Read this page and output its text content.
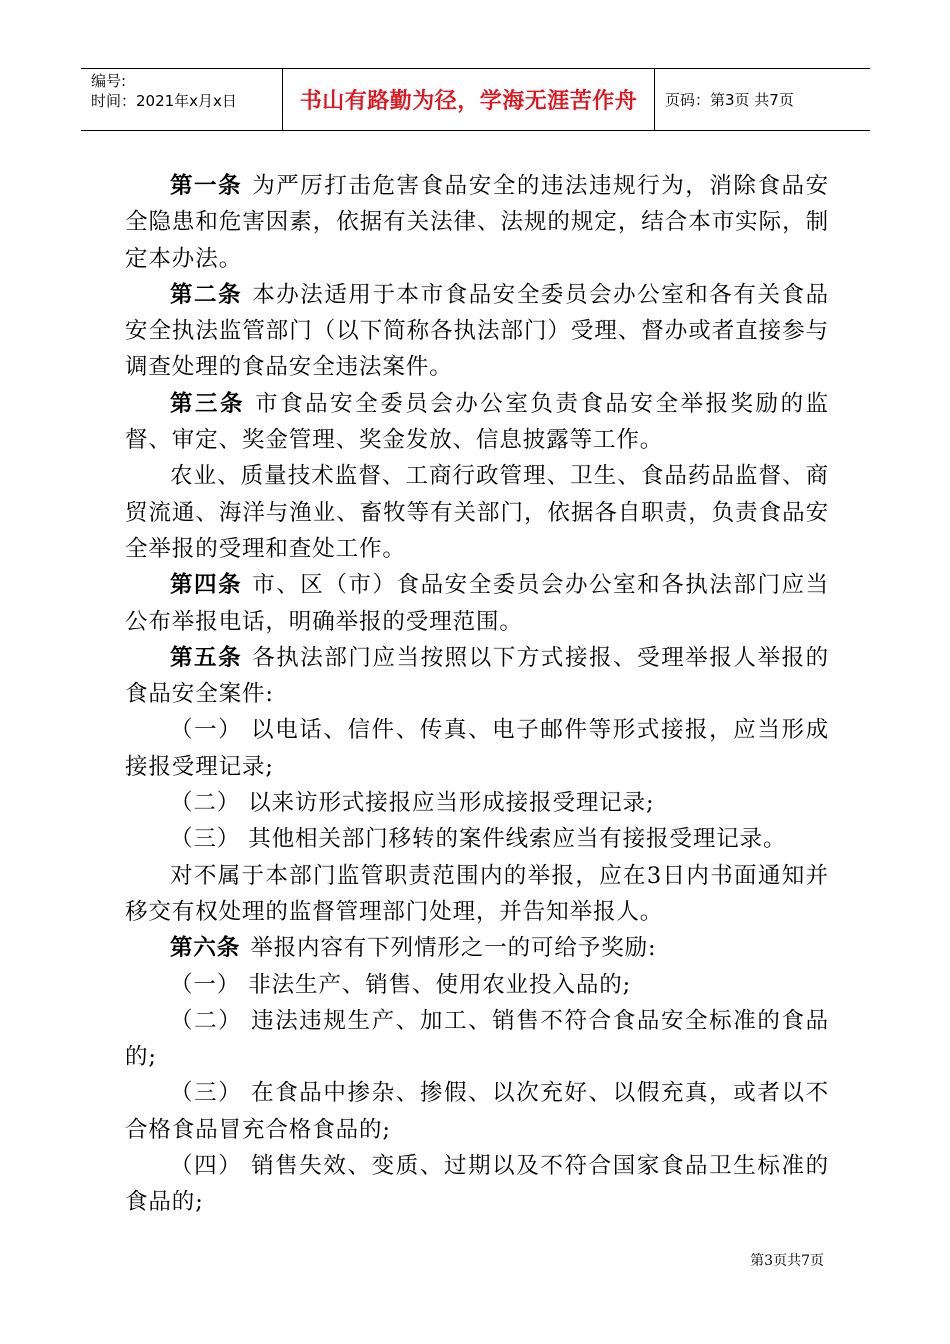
编号:
时间：2021年x月x日	书山有路勤为径，学海无涯苦作舟	页码：第3页 共7页

第一条 为严厉打击危害食品安全的违法违规行为，消除食品安全隐患和危害因素，依据有关法律、法规的规定，结合本市实际，制定本办法。

第二条 本办法适用于本市食品安全委员会办公室和各有关食品安全执法监管部门（以下简称各执法部门）受理、督办或者直接参与调查处理的食品安全违法案件。

第三条 市食品安全委员会办公室负责食品安全举报奖励的监督、审定、奖金管理、奖金发放、信息披露等工作。

农业、质量技术监督、工商行政管理、卫生、食品药品监督、商贸流通、海洋与渔业、畜牧等有关部门，依据各自职责，负责食品安全举报的受理和查处工作。

第四条 市、区（市）食品安全委员会办公室和各执法部门应当公布举报电话，明确举报的受理范围。

第五条 各执法部门应当按照以下方式接报、受理举报人举报的食品安全案件:

（一） 以电话、信件、传真、电子邮件等形式接报，应当形成接报受理记录;

（二） 以来访形式接报应当形成接报受理记录;

（三） 其他相关部门移转的案件线索应当有接报受理记录。

对不属于本部门监管职责范围内的举报，应在3日内书面通知并移交有权处理的监督管理部门处理，并告知举报人。

第六条 举报内容有下列情形之一的可给予奖励:

（一） 非法生产、销售、使用农业投入品的;

（二） 违法违规生产、加工、销售不符合食品安全标准的食品的;

（三） 在食品中掺杂、掺假、以次充好、以假充真，或者以不合格食品冒充合格食品的;

（四） 销售失效、变质、过期以及不符合国家食品卫生标准的食品的;

第3页共7页
